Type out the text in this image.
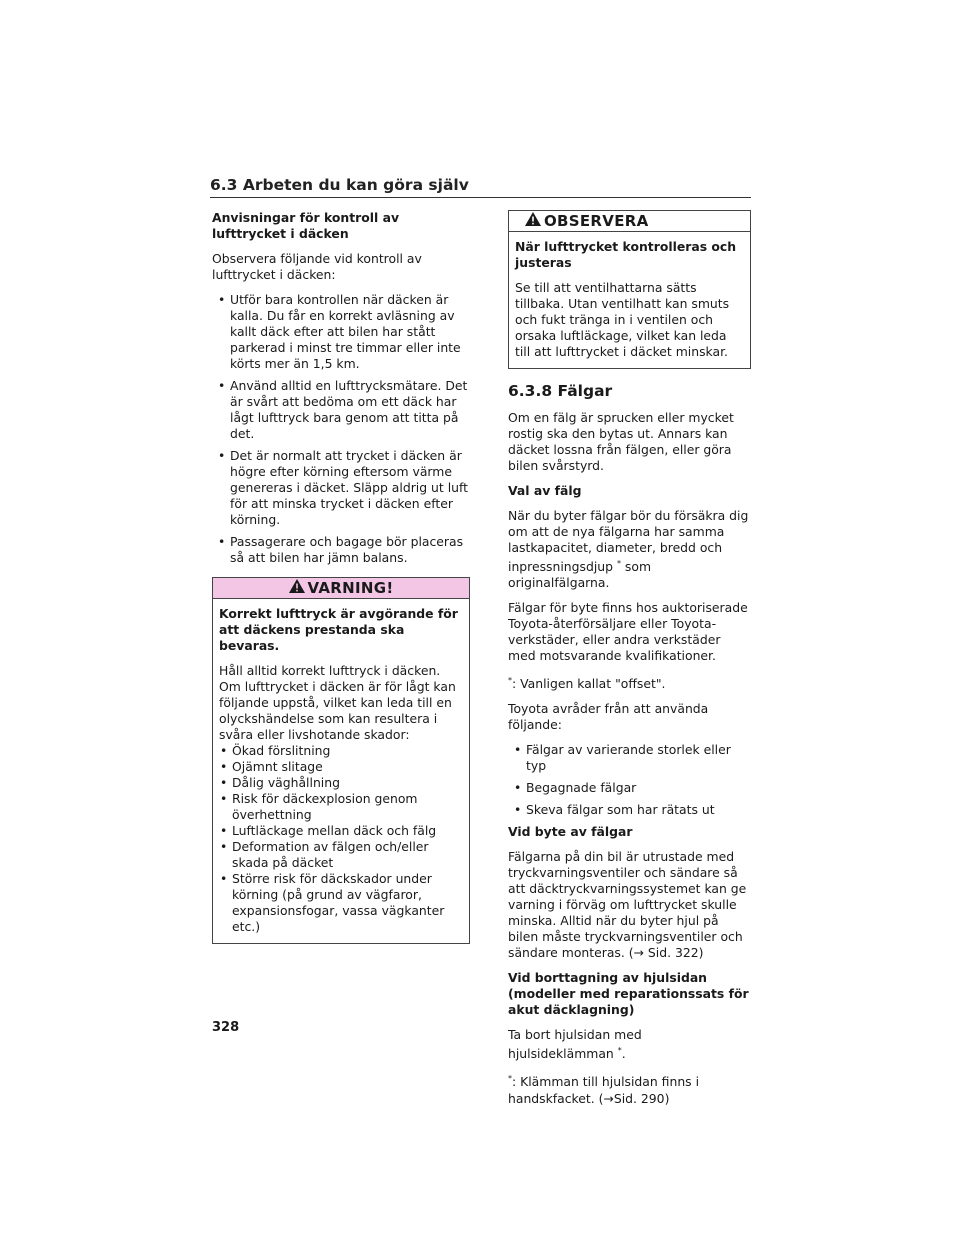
6.3 Arbeten du kan göra själv

Anvisningar för kontroll av lufttrycket i däcken

Observera följande vid kontroll av lufttrycket i däcken:

• Utför bara kontrollen när däcken är kalla. Du får en korrekt avläsning av kallt däck efter att bilen har stått parkerad i minst tre timmar eller inte körts mer än 1,5 km.
• Använd alltid en lufttrycksmätare. Det är svårt att bedöma om ett däck har lågt lufttryck bara genom att titta på det.
• Det är normalt att trycket i däcken är högre efter körning eftersom värme genereras i däcket. Släpp aldrig ut luft för att minska trycket i däcken efter körning.
• Passagerare och bagage bör placeras så att bilen har jämn balans.
VARNING!

Korrekt lufttryck är avgörande för att däckens prestanda ska bevaras.

Håll alltid korrekt lufttryck i däcken. Om lufttrycket i däcken är för lågt kan följande uppstå, vilket kan leda till en olyckshändelse som kan resultera i svåra eller livshotande skador:
• Ökad förslitning
• Ojämnt slitage
• Dålig väghållning
• Risk för däckexplosion genom överhettning
• Luftläckage mellan däck och fälg
• Deformation av fälgen och/eller skada på däcket
• Större risk för däckskador under körning (på grund av vägfaror, expansionsfogar, vassa vägkanter etc.)
OBSERVERA

När lufttrycket kontrolleras och justeras

Se till att ventilhattarna sätts tillbaka. Utan ventilhatt kan smuts och fukt tränga in i ventilen och orsaka luftläckage, vilket kan leda till att lufttrycket i däcket minskar.
6.3.8 Fälgar

Om en fälg är sprucken eller mycket rostig ska den bytas ut. Annars kan däcket lossna från fälgen, eller göra bilen svårstyrd.

Val av fälg

När du byter fälgar bör du försäkra dig om att de nya fälgarna har samma lastkapacitet, diameter, bredd och inpressningsdjup * som originalfälgarna.

Fälgar för byte finns hos auktoriserade Toyota-återförsäljare eller Toyota-verkstäder, eller andra verkstäder med motsvarande kvalifikationer.

*: Vanligen kallat "offset".

Toyota avråder från att använda följande:

• Fälgar av varierande storlek eller typ
• Begagnade fälgar
• Skeva fälgar som har rätats ut

Vid byte av fälgar

Fälgarna på din bil är utrustade med tryckvarningsventiler och sändare så att däcktryckvarningssystemet kan ge varning i förväg om lufttrycket skulle minska. Alltid när du byter hjul på bilen måste tryckvarningsventiler och sändare monteras. (→ Sid. 322)

Vid borttagning av hjulsidan (modeller med reparationssats för akut däcklagning)

Ta bort hjulsidan med hjulsideklämman *.

*: Klämman till hjulsidan finns i handskfacket. (→Sid. 290)

328
